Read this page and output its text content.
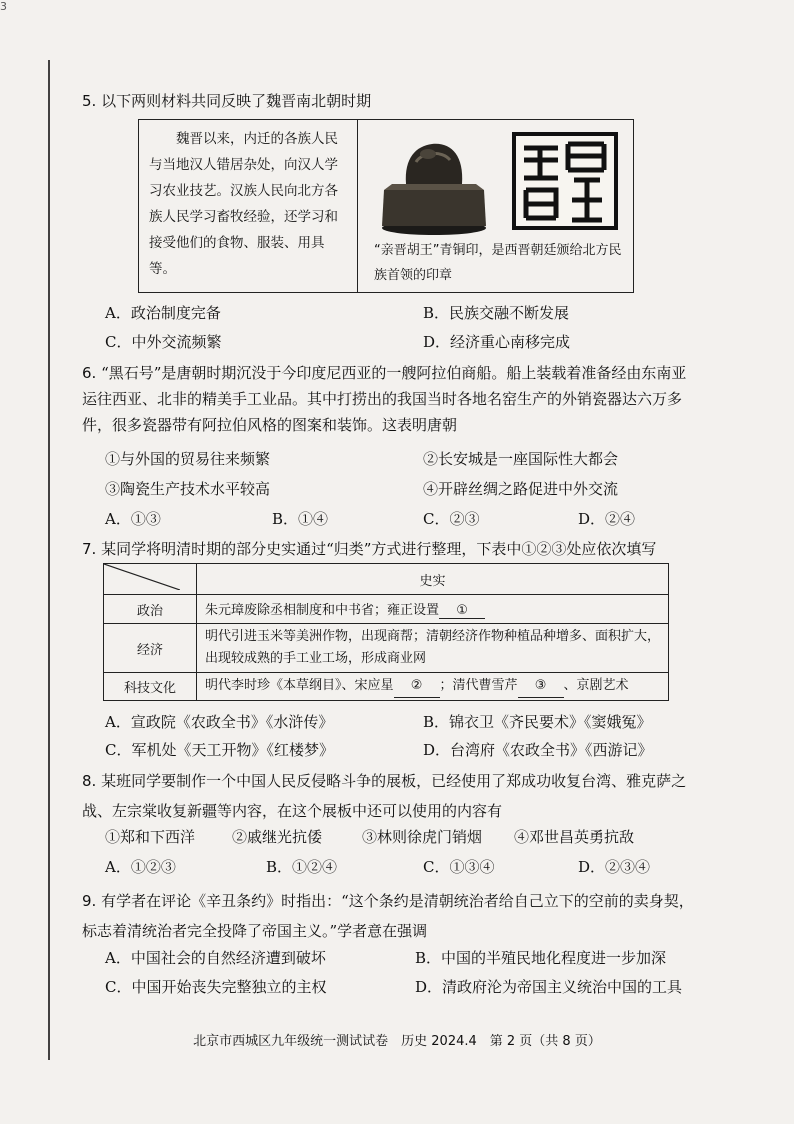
3
5. 以下两则材料共同反映了魏晋南北朝时期
魏晋以来，内迁的各族人民与当地汉人错居杂处，向汉人学习农业技艺。汉族人民向北方各族人民学习畜牧经验，还学习和接受他们的食物、服装、用具等。
“亲晋胡王”青铜印，是西晋朝廷颁给北方民族首领的印章
A．政治制度完备	B．民族交融不断发展
C．中外交流频繁	D．经济重心南移完成
6. “黑石号”是唐朝时期沉没于今印度尼西亚的一艘阿拉伯商船。船上装载着准备经由东南亚运往西亚、北非的精美手工业品。其中打捞出的我国当时各地名窑生产的外销瓷器达六万多件，很多瓷器带有阿拉伯风格的图案和装饰。这表明唐朝
①与外国的贸易往来频繁	②长安城是一座国际性大都会
③陶瓷生产技术水平较高	④开辟丝绸之路促进中外交流
A．①③	B．①④	C．②③	D．②④
7. 某同学将明清时期的部分史实通过“归类”方式进行整理，下表中①②③处应依次填写
	史实
政治	朱元璋废除丞相制度和中书省；雍正设置 ①
经济	明代引进玉米等美洲作物，出现商帮；清朝经济作物种植品种增多、面积扩大，出现较成熟的手工业工场，形成商业网
科技文化	明代李时珍《本草纲目》、宋应星 ② ；清代曹雪芹 ③ 、京剧艺术
A．宣政院《农政全书》《水浒传》	B．锦衣卫《齐民要术》《窦娥冤》
C．军机处《天工开物》《红楼梦》	D．台湾府《农政全书》《西游记》
8. 某班同学要制作一个中国人民反侵略斗争的展板，已经使用了郑成功收复台湾、雅克萨之战、左宗棠收复新疆等内容，在这个展板中还可以使用的内容有
①郑和下西洋 ②戚继光抗倭	③林则徐虎门销烟 ④邓世昌英勇抗敌
A．①②③	B．①②④	C．①③④	D．②③④
9. 有学者在评论《辛丑条约》时指出：“这个条约是清朝统治者给自己立下的空前的卖身契，标志着清统治者完全投降了帝国主义。”学者意在强调
A．中国社会的自然经济遭到破坏	B．中国的半殖民地化程度进一步加深
C．中国开始丧失完整独立的主权	D．清政府沦为帝国主义统治中国的工具
北京市西城区九年级统一测试试卷　历史 2024.4　第 2 页（共 8 页）
